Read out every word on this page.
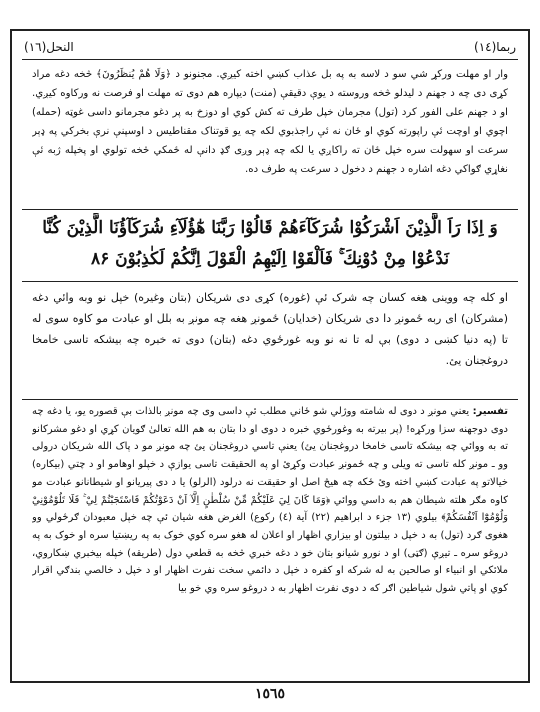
ربما(۱٤)
النحل(١٦)

وار او مهلت ورکړ شي سو د لاسه به په بل عذاب کښي اخته کيږي. مجنونو د ﴿وَلَا هُمْ يُنظَرُونَ﴾ څخه دغه مراد کړی دی چه د جهنم د ليدلو څخه وروسته د يوې دقيقې (منت) ديپاره هم دوی ته مهلت او فرصت نه ورکاوه کيږي. او د جهنم علی الفور کرد (تول) مجرمان خپل طرف ته کش کوي او دوزخ به پر دغو مجرمانو داسی غوټه (حمله) اچوي او اوچت ئې راپورته کوي او ځان نه ئې راجذبوي لکه چه يو قوتناک مقناطيس د اوسپنې نرې بخرکي په ډېر سرعت او سهولت سره خپل ځان ته راکاږي يا لکه چه ډېر وږی ګډ دانې له ځمکي څخه تولوي او پخپله ژبه ئې نغاړي ګواکي دغه اشاره د جهنم د دخول د سرعت په طرف ده.

وَ اِذَا رَاَ الَّذِيْنَ اَشْرَكُوْا شُرَكَآءَهُمْ قَالُوْا رَبَّنَا هٰٓؤُلَآءِ شُرَكَآؤُنَا الَّذِيْنَ كُنَّا نَدْعُوْا مِنْ دُوْنِكَ ۚ فَاَلْقَوْا اِلَيْهِمُ الْقَوْلَ اِنَّكُمْ لَكٰذِبُوْنَ ۸۶

او کله چه ووينی هغه کسان چه شرک ئې (غوره) کړی دی شريکان (بتان وغيره) خپل نو وبه وائي دغه (مشرکان) ای ربه ځمونږ دا دی شريکان (خدايان) ځمونږ هغه چه مونږ به بلل او عبادت مو کاوه سوی له تا (په دنيا کښی د دوی) بې له تا نه نو وبه غورځوي دغه (بتان) دوی ته خبره چه بيشکه تاسی خامخا دروغجنان يئ.

تفسير: يعني مونږ د دوی له شامته ووژلي شو ځاني مطلب ئې داسی وی چه مونږ بالذات بې قصوره يو، يا دغه چه دوی دوجهنه سزا ورکړه! (پر بيرته به وغورځوي خبره د دوی او دا بتان به هم الله تعالیٰ ګويان کړي او دغو مشرکانو ته به ووائي چه بيشکه تاسی خامخا دروغجنان يئ) يعنې تاسي دروغجنان يئ چه مونږ مو د پاک الله شريکان درولی وو ـ مونږ کله تاسی ته ويلی و چه ځمونږ عبادت وکړئ او په الحقيقت تاسی يوازې د خپلو اوهامو او د چتي (بيکاره) خيالاتو په عبادت کښي اخته وئ ځکه چه هيڅ اصل او حقيقت نه درلود (الرلو) يا د دی پيريانو او شيطانانو عبادت مو کاوه مګر هلته شيطان هم به داسي ووائي ﴿وَمَا كَانَ لِيَ عَلَيْكُمْ مِّنْ سُلْطٰنٍ اِلَّآ اَنْ دَعَوْتُكُمْ فَاسْتَجَبْتُمْ لِيْ ۚ فَلَا تَلُوْمُوْنِيْ وَلُوْمُوْٓا اَنْفُسَكُمْ﴾ بيلوي (۱۳ جزء د ابراهيم (۲۲) آية (٤) ركوع) الغرض هغه شيان ئې چه خپل معبودان ګرځولي وو هغوی ګرد (تول) به د خپل د بيلتون او بيزاري اظهار او اعلان له هغو سره کوي خوک به په ريښتيا سره او خوک به په دروغو سره ـ تيږې (ګټی) او د نورو شيانو بتان خو د دغه خبري څخه به قطعي دول (طريقه) خپله بيخبري ښکاروي، ملائکي او انبياء او صالحين به له شرکه او کفره د خپل د دائمي سخت نفرت اظهار او د خپل د خالصي بندګي اقرار کوي او پاتي شول شياطين اګر که د دوی نفرت اظهار به د دروغو سره وي خو بيا

١٥٦٥
